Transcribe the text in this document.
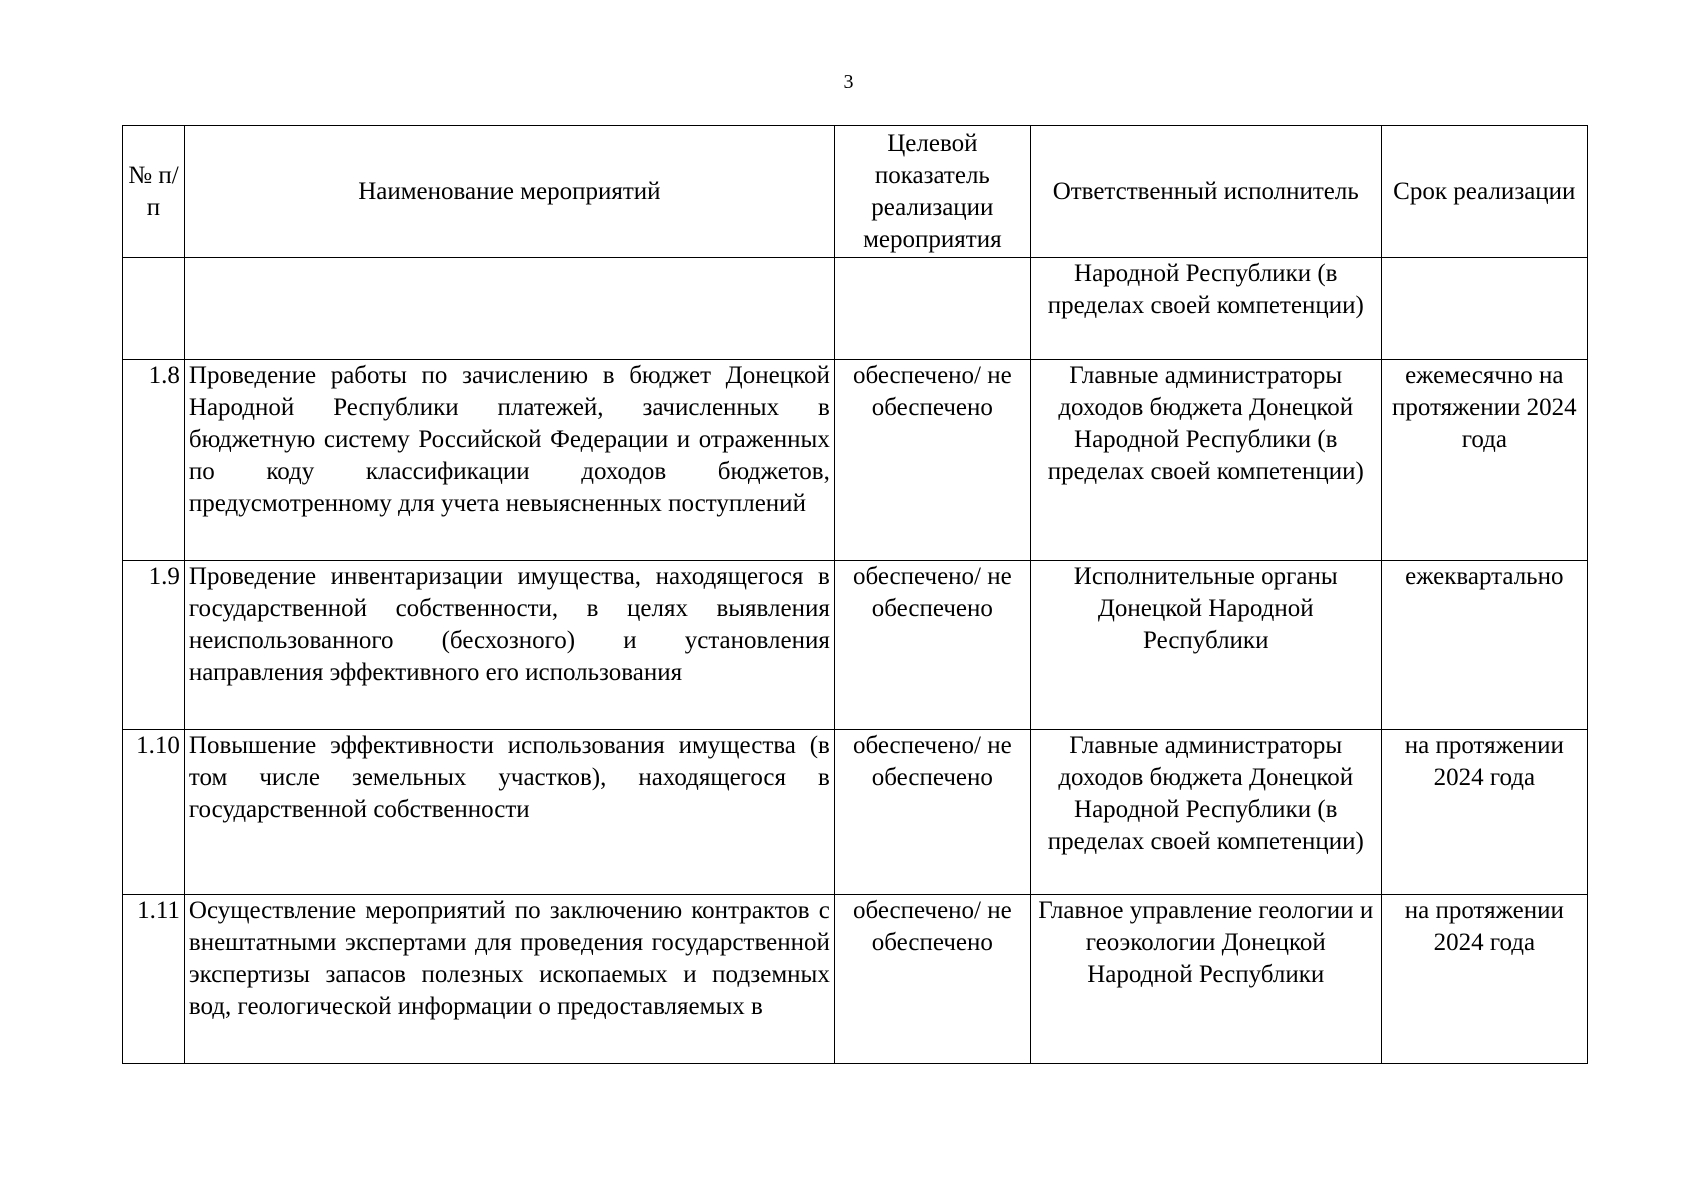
3
№ п/п	Наименование мероприятий	Целевой показатель реализации мероприятия	Ответственный исполнитель	Срок реализации
			Народной Республики (в пределах своей компетенции)	
1.8	Проведение работы по зачислению в бюджет Донецкой Народной Республики платежей, зачисленных в бюджетную систему Российской Федерации и отраженных по коду классификации доходов бюджетов, предусмотренному для учета невыясненных поступлений	обеспечено/ не обеспечено	Главные администраторы доходов бюджета Донецкой Народной Республики (в пределах своей компетенции)	ежемесячно на протяжении 2024 года
1.9	Проведение инвентаризации имущества, находящегося в государственной собственности, в целях выявления неиспользованного (бесхозного) и установления направления эффективного его использования	обеспечено/ не обеспечено	Исполнительные органы Донецкой Народной Республики	ежеквартально
1.10	Повышение эффективности использования имущества (в том числе земельных участков), находящегося в государственной собственности	обеспечено/ не обеспечено	Главные администраторы доходов бюджета Донецкой Народной Республики (в пределах своей компетенции)	на протяжении 2024 года
1.11	Осуществление мероприятий по заключению контрактов с внештатными экспертами для проведения государственной экспертизы запасов полезных ископаемых и подземных вод, геологической информации о предоставляемых в	обеспечено/ не обеспечено	Главное управление геологии и геоэкологии Донецкой Народной Республики	на протяжении 2024 года
